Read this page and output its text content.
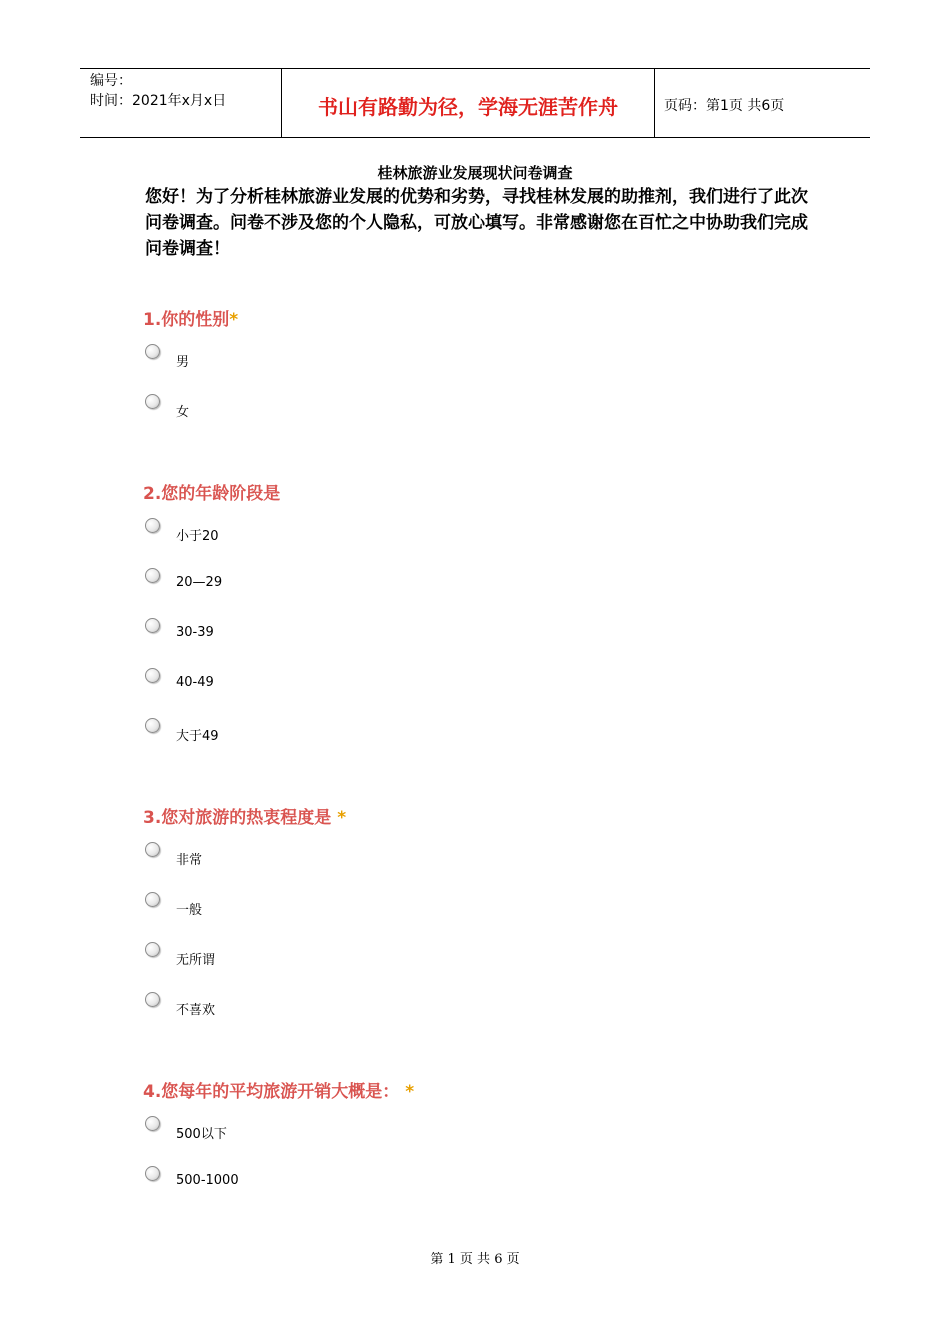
编号：
时间：2021年x月x日	书山有路勤为径，学海无涯苦作舟	页码：第1页 共6页
桂林旅游业发展现状问卷调查
您好！为了分析桂林旅游业发展的优势和劣势，寻找桂林发展的助推剂，我们进行了此次问卷调查。问卷不涉及您的个人隐私，可放心填写。非常感谢您在百忙之中协助我们完成问卷调查！
1.你的性别*
男
女
2.您的年龄阶段是
小于20
20—29
30-39
40-49
大于49
3.您对旅游的热衷程度是 *
非常
一般
无所谓
不喜欢
4.您每年的平均旅游开销大概是： *
500以下
500-1000
第 1 页 共 6 页
